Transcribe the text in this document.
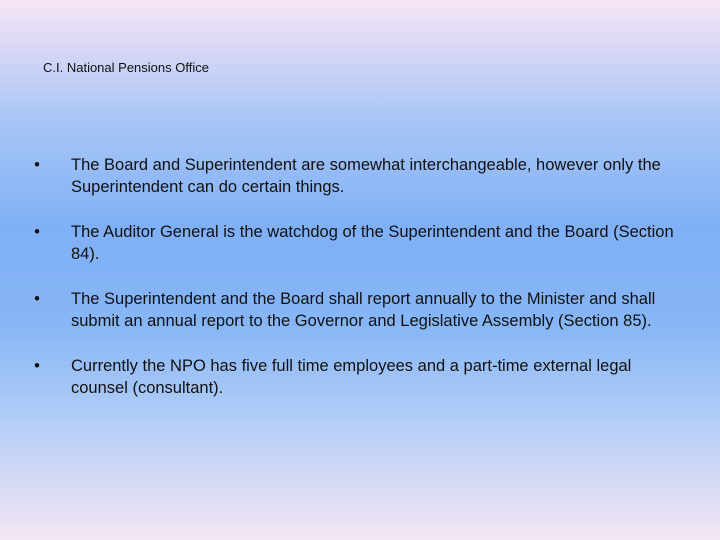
C.I. National Pensions Office
• The Board and Superintendent are somewhat interchangeable, however only the Superintendent can do certain things.
• The Auditor General is the watchdog of the Superintendent and the Board (Section 84).
• The Superintendent and the Board shall report annually to the Minister and shall submit an annual report to the Governor and Legislative Assembly (Section 85).
• Currently the NPO has five full time employees and a part-time external legal counsel (consultant).
